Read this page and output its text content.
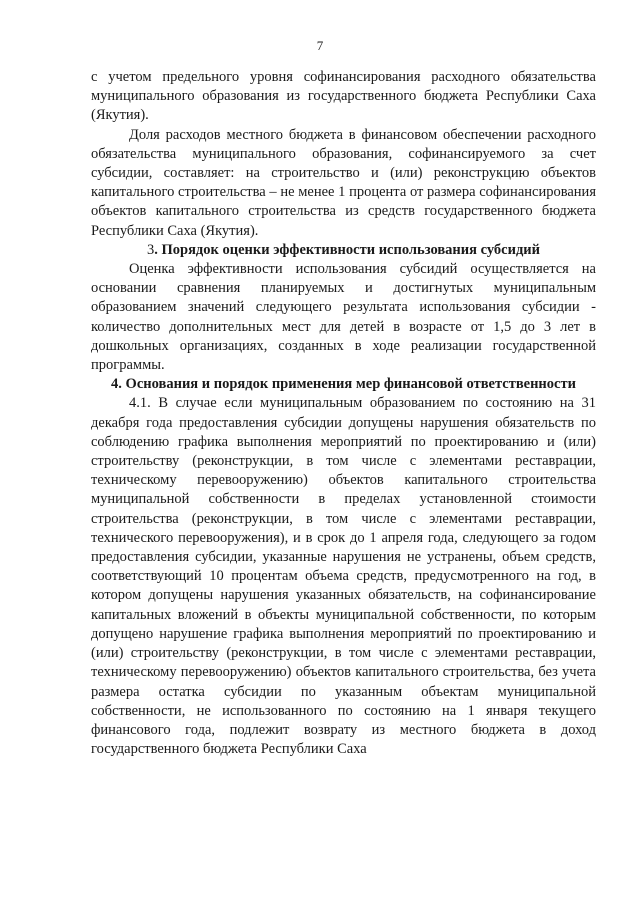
7

с учетом предельного уровня софинансирования расходного обязательства муниципального образования из государственного бюджета Республики Саха (Якутия).

Доля расходов местного бюджета в финансовом обеспечении расходного обязательства муниципального образования, софинансируемого за счет субсидии, составляет: на строительство и (или) реконструкцию объектов капитального строительства – не менее 1 процента от размера софинансирования объектов капитального строительства из средств государственного бюджета Республики Саха (Якутия).

3. Порядок оценки эффективности использования субсидий

Оценка эффективности использования субсидий осуществляется на основании сравнения планируемых и достигнутых муниципальным образованием значений следующего результата использования субсидии - количество дополнительных мест для детей в возрасте от 1,5 до 3 лет в дошкольных организациях, созданных в ходе реализации государственной программы.

4. Основания и порядок применения мер финансовой ответственности

4.1. В случае если муниципальным образованием по состоянию на 31 декабря года предоставления субсидии допущены нарушения обязательств по соблюдению графика выполнения мероприятий по проектированию и (или) строительству (реконструкции, в том числе с элементами реставрации, техническому перевооружению) объектов капитального строительства муниципальной собственности в пределах установленной стоимости строительства (реконструкции, в том числе с элементами реставрации, технического перевооружения), и в срок до 1 апреля года, следующего за годом предоставления субсидии, указанные нарушения не устранены, объем средств, соответствующий 10 процентам объема средств, предусмотренного на год, в котором допущены нарушения указанных обязательств, на софинансирование капитальных вложений в объекты муниципальной собственности, по которым допущено нарушение графика выполнения мероприятий по проектированию и (или) строительству (реконструкции, в том числе с элементами реставрации, техническому перевооружению) объектов капитального строительства, без учета размера остатка субсидии по указанным объектам муниципальной собственности, не использованного по состоянию на 1 января текущего финансового года, подлежит возврату из местного бюджета в доход государственного бюджета Республики Саха
